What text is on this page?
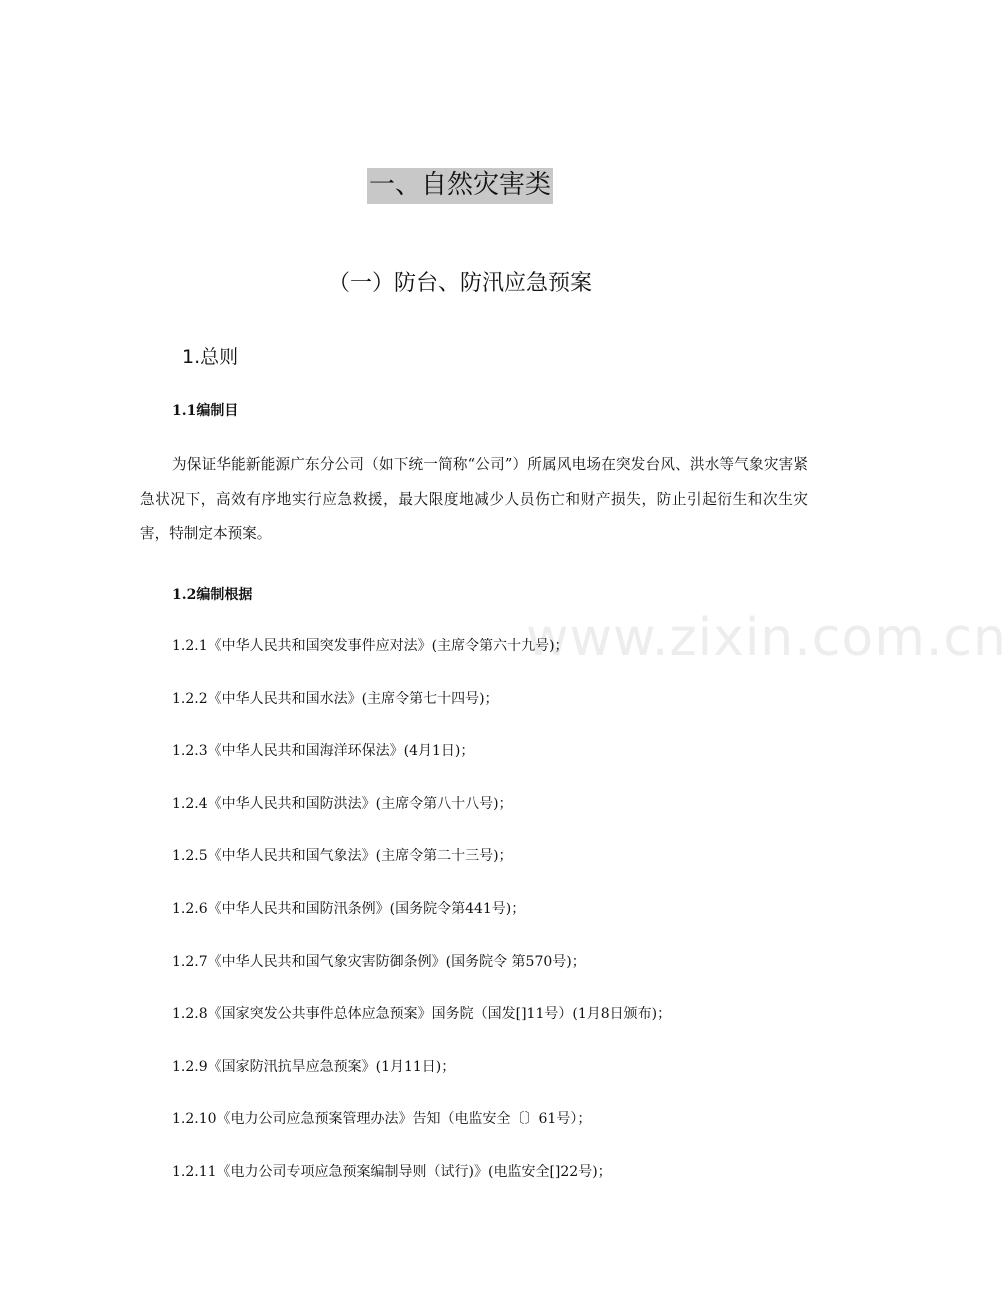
www.zixin.com.cn
一、自然灾害类
（一）防台、防汛应急预案
1.总则
1.1编制目
为保证华能新能源广东分公司（如下统一简称“公司”）所属风电场在突发台风、洪水等气象灾害紧急状况下，高效有序地实行应急救援，最大限度地减少人员伤亡和财产损失，防止引起衍生和次生灾害，特制定本预案。
1.2编制根据
1.2.1《中华人民共和国突发事件应对法》(主席令第六十九号)；
1.2.2《中华人民共和国水法》(主席令第七十四号)；
1.2.3《中华人民共和国海洋环保法》(4月1日)；
1.2.4《中华人民共和国防洪法》(主席令第八十八号)；
1.2.5《中华人民共和国气象法》(主席令第二十三号)；
1.2.6《中华人民共和国防汛条例》(国务院令第441号)；
1.2.7《中华人民共和国气象灾害防御条例》(国务院令 第570号)；
1.2.8《国家突发公共事件总体应急预案》国务院（国发[]11号）(1月8日颁布)；
1.2.9《国家防汛抗旱应急预案》(1月11日)；
1.2.10《电力公司应急预案管理办法》告知（电监安全〔〕61号）；
1.2.11《电力公司专项应急预案编制导则（试行)》(电监安全[]22号)；
